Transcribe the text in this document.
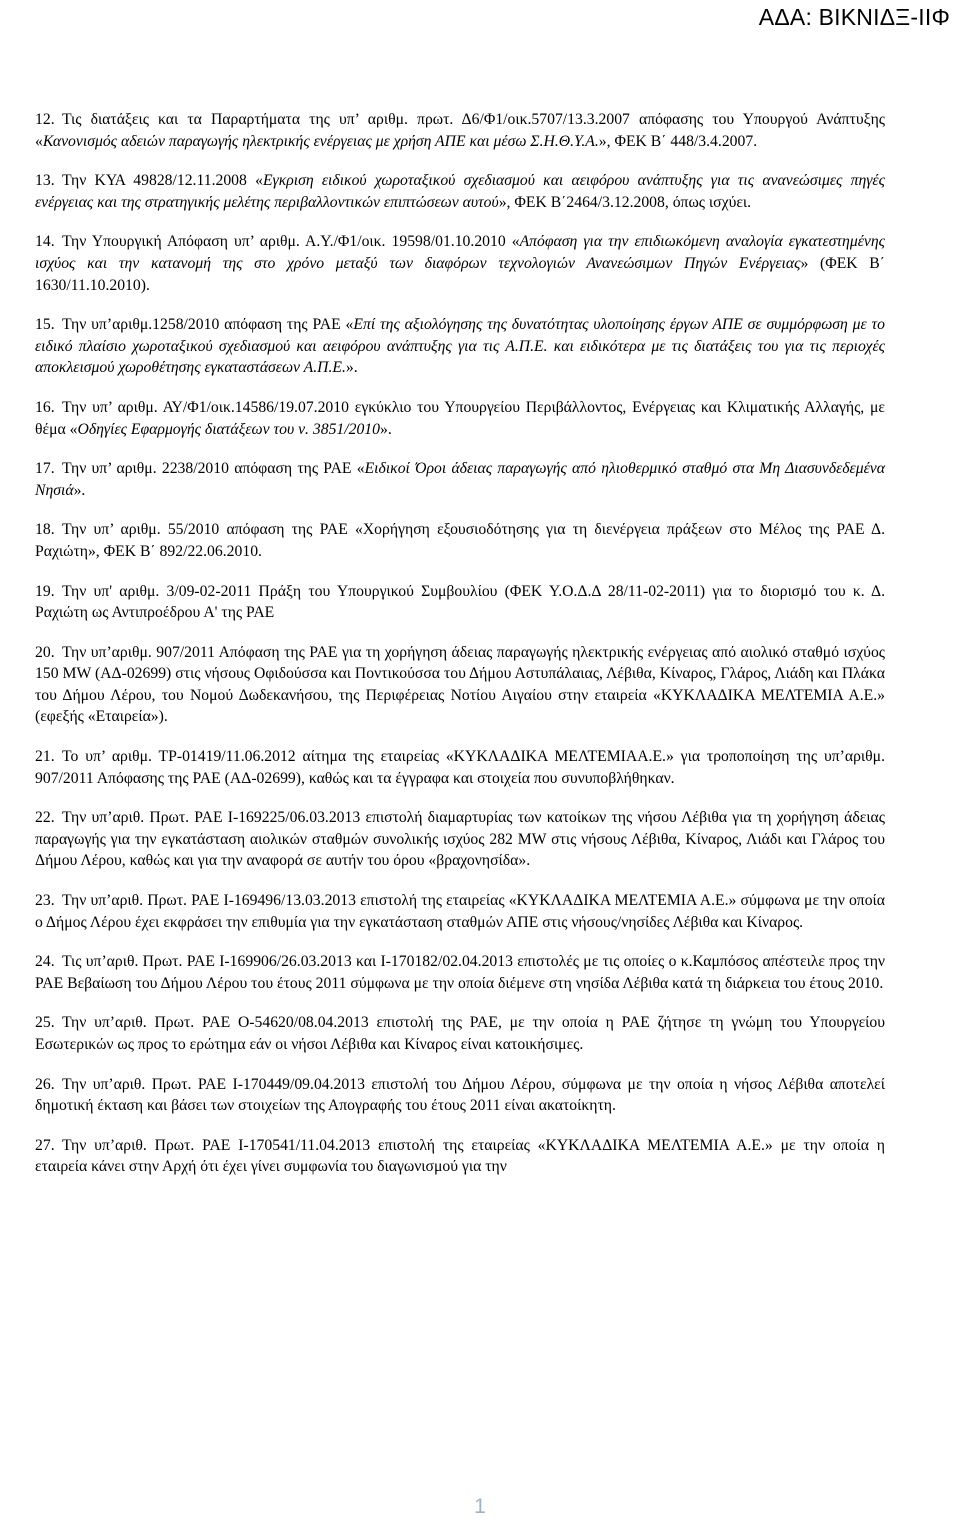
ΑΔΑ: ΒΙΚΝΙΔΞ-ΙΙΦ

12. Τις διατάξεις και τα Παραρτήματα της υπ’ αριθμ. πρωτ. Δ6/Φ1/οικ.5707/13.3.2007 απόφασης του Υπουργού Ανάπτυξης «Κανονισμός αδειών παραγωγής ηλεκτρικής ενέργειας με χρήση ΑΠΕ και μέσω Σ.Η.Θ.Υ.Α.», ΦΕΚ Β΄ 448/3.4.2007.

13. Την ΚΥΑ 49828/12.11.2008 «Εγκριση ειδικού χωροταξικού σχεδιασμού και αειφόρου ανάπτυξης για τις ανανεώσιμες πηγές ενέργειας και της στρατηγικής μελέτης περιβαλλοντικών επιπτώσεων αυτού», ΦΕΚ Β΄2464/3.12.2008, όπως ισχύει.

14. Την Υπουργική Απόφαση υπ’ αριθμ. Α.Υ./Φ1/οικ. 19598/01.10.2010 «Απόφαση για την επιδιωκόμενη αναλογία εγκατεστημένης ισχύος και την κατανομή της στο χρόνο μεταξύ των διαφόρων τεχνολογιών Ανανεώσιμων Πηγών Ενέργειας» (ΦΕΚ Β΄ 1630/11.10.2010).

15. Την υπ’αριθμ.1258/2010 απόφαση της ΡΑΕ «Επί της αξιολόγησης της δυνατότητας υλοποίησης έργων ΑΠΕ σε συμμόρφωση με το ειδικό πλαίσιο χωροταξικού σχεδιασμού και αειφόρου ανάπτυξης για τις Α.Π.Ε. και ειδικότερα με τις διατάξεις του για τις περιοχές αποκλεισμού χωροθέτησης εγκαταστάσεων Α.Π.Ε.».

16. Την υπ’ αριθμ. ΑΥ/Φ1/οικ.14586/19.07.2010 εγκύκλιο του Υπουργείου Περιβάλλοντος, Ενέργειας και Κλιματικής Αλλαγής, με θέμα «Οδηγίες Εφαρμογής διατάξεων του ν. 3851/2010».

17. Την υπ’ αριθμ. 2238/2010 απόφαση της ΡΑΕ «Ειδικοί Όροι άδειας παραγωγής από ηλιοθερμικό σταθμό στα Μη Διασυνδεδεμένα Νησιά».

18. Την υπ’ αριθμ. 55/2010 απόφαση της ΡΑΕ «Χορήγηση εξουσιοδότησης για τη διενέργεια πράξεων στο Μέλος της ΡΑΕ Δ. Ραχιώτη», ΦΕΚ Β΄ 892/22.06.2010.

19. Την υπ' αριθμ. 3/09-02-2011 Πράξη του Υπουργικού Συμβουλίου (ΦΕΚ Υ.Ο.Δ.Δ 28/11-02-2011) για το διορισμό του κ. Δ. Ραχιώτη ως Αντιπροέδρου Α' της ΡΑΕ

20. Την υπ’αριθμ. 907/2011 Απόφαση της ΡΑΕ για τη χορήγηση άδειας παραγωγής ηλεκτρικής ενέργειας από αιολικό σταθμό ισχύος 150 MW (ΑΔ-02699) στις νήσους Οφιδούσσα και Ποντικούσσα του Δήμου Αστυπάλαιας, Λέβιθα, Κίναρος, Γλάρος, Λιάδη και Πλάκα του Δήμου Λέρου, του Νομού Δωδεκανήσου, της Περιφέρειας Νοτίου Αιγαίου στην εταιρεία «ΚΥΚΛΑΔΙΚΑ ΜΕΛΤΕΜΙΑ Α.Ε.» (εφεξής «Εταιρεία»).

21. Το υπ’ αριθμ. ΤΡ-01419/11.06.2012 αίτημα της εταιρείας «ΚΥΚΛΑΔΙΚΑ ΜΕΛΤΕΜΙΑΑ.Ε.» για τροποποίηση της υπ’αριθμ. 907/2011 Απόφασης της ΡΑΕ (ΑΔ-02699), καθώς και τα έγγραφα και στοιχεία που συνυποβλήθηκαν.

22. Την υπ’αριθ. Πρωτ. ΡΑΕ Ι-169225/06.03.2013 επιστολή διαμαρτυρίας των κατοίκων της νήσου Λέβιθα για τη χορήγηση άδειας παραγωγής για την εγκατάσταση αιολικών σταθμών συνολικής ισχύος 282 MW στις νήσους Λέβιθα, Κίναρος, Λιάδι και Γλάρος του Δήμου Λέρου, καθώς και για την αναφορά σε αυτήν του όρου «βραχονησίδα».

23. Την υπ’αριθ. Πρωτ. ΡΑΕ Ι-169496/13.03.2013 επιστολή της εταιρείας «ΚΥΚΛΑΔΙΚΑ ΜΕΛΤΕΜΙΑ Α.Ε.» σύμφωνα με την οποία ο Δήμος Λέρου έχει εκφράσει την επιθυμία για την εγκατάσταση σταθμών ΑΠΕ στις νήσους/νησίδες Λέβιθα και Κίναρος.

24. Τις υπ’αριθ. Πρωτ. ΡΑΕ Ι-169906/26.03.2013 και Ι-170182/02.04.2013 επιστολές με τις οποίες ο κ.Καμπόσος απέστειλε προς την ΡΑΕ Βεβαίωση του Δήμου Λέρου του έτους 2011 σύμφωνα με την οποία διέμενε στη νησίδα Λέβιθα κατά τη διάρκεια του έτους 2010.

25. Την υπ’αριθ. Πρωτ. ΡΑΕ Ο-54620/08.04.2013 επιστολή της ΡΑΕ, με την οποία η ΡΑΕ ζήτησε τη γνώμη του Υπουργείου Εσωτερικών ως προς το ερώτημα εάν οι νήσοι Λέβιθα και Κίναρος είναι κατοικήσιμες.

26. Την υπ’αριθ. Πρωτ. ΡΑΕ Ι-170449/09.04.2013 επιστολή του Δήμου Λέρου, σύμφωνα με την οποία η νήσος Λέβιθα αποτελεί δημοτική έκταση και βάσει των στοιχείων της Απογραφής του έτους 2011 είναι ακατοίκητη.

27. Την υπ’αριθ. Πρωτ. ΡΑΕ Ι-170541/11.04.2013 επιστολή της εταιρείας «ΚΥΚΛΑΔΙΚΑ ΜΕΛΤΕΜΙΑ Α.Ε.» με την οποία η εταιρεία κάνει στην Αρχή ότι έχει γίνει συμφωνία του διαγωνισμού για την

1
